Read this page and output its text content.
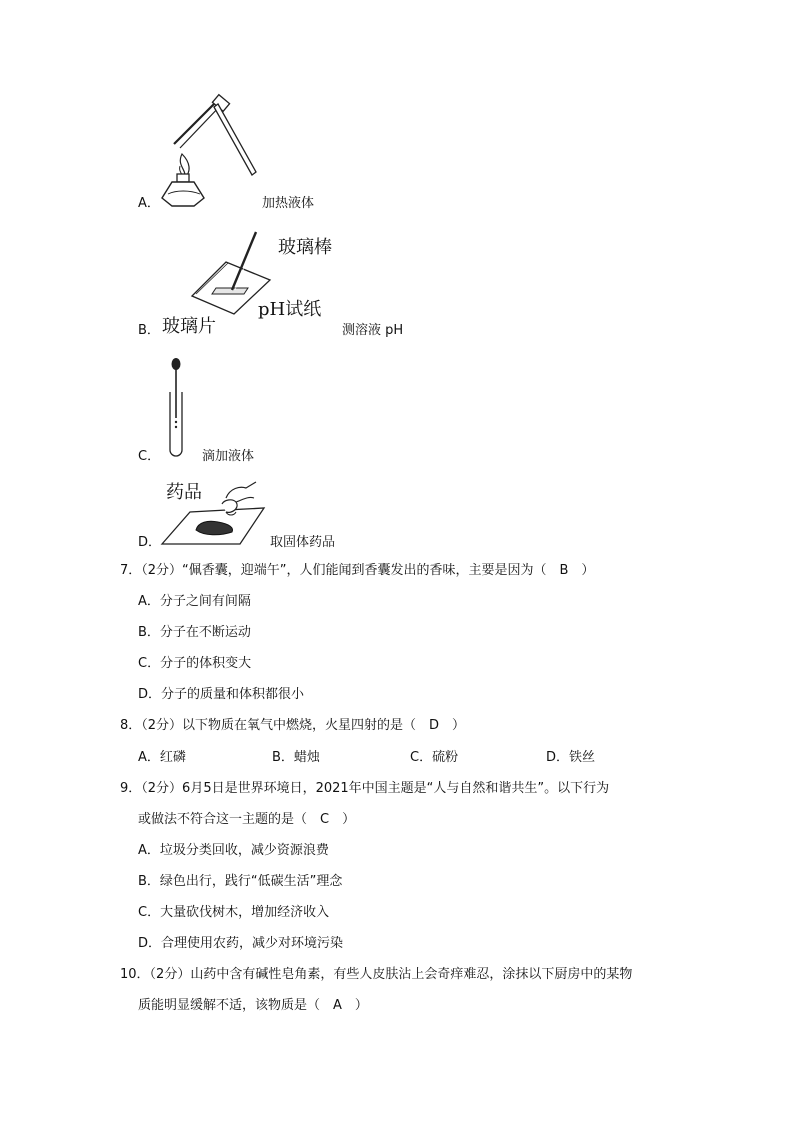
A．	加热液体
玻璃棒
pH试纸
玻璃片
B．	测溶液 pH
C．	滴加液体
药品
D．	取固体药品
7．（2分）“佩香囊，迎端午”，人们能闻到香囊发出的香味，主要是因为（　B　）
A．分子之间有间隔
B．分子在不断运动
C．分子的体积变大
D．分子的质量和体积都很小
8．（2分）以下物质在氧气中燃烧，火星四射的是（　D　）
A．红磷	B．蜡烛	C．硫粉	D．铁丝
9．（2分）6月5日是世界环境日，2021年中国主题是“人与自然和谐共生”。以下行为
或做法不符合这一主题的是（　C　）
A．垃圾分类回收，减少资源浪费
B．绿色出行，践行“低碳生活”理念
C．大量砍伐树木，增加经济收入
D．合理使用农药，减少对环境污染
10．（2分）山药中含有碱性皂角素，有些人皮肤沾上会奇痒难忍，涂抹以下厨房中的某物
质能明显缓解不适，该物质是（　A　）
